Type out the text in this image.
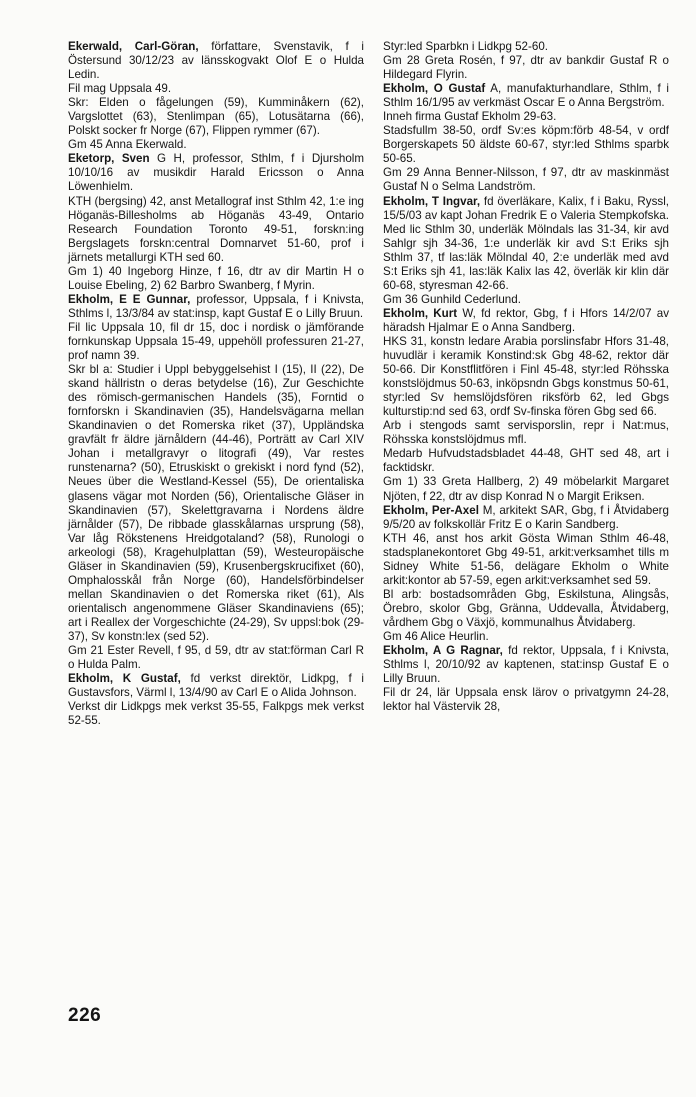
Ekerwald, Carl-Göran, författare, Svenstavik, f i Östersund 30/12/23 av länsskogvakt Olof E o Hulda Ledin.

Fil mag Uppsala 49.

Skr: Elden o fågelungen (59), Kumminåkern (62), Vargslottet (63), Stenlimpan (65), Lotusätarna (66), Polskt socker fr Norge (67), Flippen rymmer (67).

Gm 45 Anna Ekerwald.

Eketorp, Sven G H, professor, Sthlm, f i Djursholm 10/10/16 av musikdir Harald Ericsson o Anna Löwenhielm.

KTH (bergsing) 42, anst Metallograf inst Sthlm 42, 1:e ing Höganäs-Billesholms ab Höganäs 43-49, Ontario Research Foundation Toronto 49-51, forskn:ing Bergslagets forskn:central Domnarvet 51-60, prof i järnets metallurgi KTH sed 60.

Gm 1) 40 Ingeborg Hinze, f 16, dtr av dir Martin H o Louise Ebeling, 2) 62 Barbro Swanberg, f Myrin.

Ekholm, E E Gunnar, professor, Uppsala, f i Knivsta, Sthlms l, 13/3/84 av stat:insp, kapt Gustaf E o Lilly Bruun.

Fil lic Uppsala 10, fil dr 15, doc i nordisk o jämförande fornkunskap Uppsala 15-49, uppehöll professuren 21-27, prof namn 39.

Skr bl a: Studier i Uppl bebyggelsehist I (15), II (22), De skand hällristn o deras betydelse (16), Zur Geschichte des römisch-germanischen Handels (35), Forntid o fornforskn i Skandinavien (35), Handelsvägarna mellan Skandinavien o det Romerska riket (37), Uppländska gravfält fr äldre järnåldern (44-46), Porträtt av Carl XIV Johan i metallgravyr o litografi (49), Var restes runstenarna? (50), Etruskiskt o grekiskt i nord fynd (52), Neues über die Westland-Kessel (55), De orientaliska glasens vägar mot Norden (56), Orientalische Gläser in Skandinavien (57), Skelettgravarna i Nordens äldre järnålder (57), De ribbade glasskålarnas ursprung (58), Var låg Rökstenens Hreidgotaland? (58), Runologi o arkeologi (58), Kragehulplattan (59), Westeuropäische Gläser in Skandinavien (59), Krusenbergskrucifixet (60), Omphalosskål från Norge (60), Handelsförbindelser mellan Skandinavien o det Romerska riket (61), Als orientalisch angenommene Gläser Skandinaviens (65); art i Reallex der Vorgeschichte (24-29), Sv uppsl:bok (29-37), Sv konstn:lex (sed 52).

Gm 21 Ester Revell, f 95, d 59, dtr av stat:förman Carl R o Hulda Palm.

Ekholm, K Gustaf, fd verkst direktör, Lidkpg, f i Gustavsfors, Värml l, 13/4/90 av Carl E o Alida Johnson.

Verkst dir Lidkpgs mek verkst 35-55, Falkpgs mek verkst 52-55.

Styr:led Sparbkn i Lidkpg 52-60.

Gm 28 Greta Rosén, f 97, dtr av bankdir Gustaf R o Hildegard Flyrin.

Ekholm, O Gustaf A, manufakturhandlare, Sthlm, f i Sthlm 16/1/95 av verkmäst Oscar E o Anna Bergström.

Inneh firma Gustaf Ekholm 29-63.

Stadsfullm 38-50, ordf Sv:es köpm:förb 48-54, v ordf Borgerskapets 50 äldste 60-67, styr:led Sthlms sparbk 50-65.

Gm 29 Anna Benner-Nilsson, f 97, dtr av maskinmäst Gustaf N o Selma Landström.

Ekholm, T Ingvar, fd överläkare, Kalix, f i Baku, Ryssl, 15/5/03 av kapt Johan Fredrik E o Valeria Stempkofska.

Med lic Sthlm 30, underläk Mölndals las 31-34, kir avd Sahlgr sjh 34-36, 1:e underläk kir avd S:t Eriks sjh Sthlm 37, tf las:läk Mölndal 40, 2:e underläk med avd S:t Eriks sjh 41, las:läk Kalix las 42, överläk kir klin där 60-68, styresman 42-66.

Gm 36 Gunhild Cederlund.

Ekholm, Kurt W, fd rektor, Gbg, f i Hfors 14/2/07 av häradsh Hjalmar E o Anna Sandberg.

HKS 31, konstn ledare Arabia porslinsfabr Hfors 31-48, huvudlär i keramik Konstind:sk Gbg 48-62, rektor där 50-66. Dir Konstflitfören i Finl 45-48, styr:led Röhsska konstslöjdmus 50-63, inköpsndn Gbgs konstmus 50-61, styr:led Sv hemslöjdsfören riksförb 62, led Gbgs kulturstip:nd sed 63, ordf Sv-finska fören Gbg sed 66.

Arb i stengods samt servisporslin, repr i Nat:mus, Röhsska konstslöjdmus mfl.

Medarb Hufvudstadsbladet 44-48, GHT sed 48, art i facktidskr.

Gm 1) 33 Greta Hallberg, 2) 49 möbelarkit Margaret Njöten, f 22, dtr av disp Konrad N o Margit Eriksen.

Ekholm, Per-Axel M, arkitekt SAR, Gbg, f i Åtvidaberg 9/5/20 av folkskollär Fritz E o Karin Sandberg.

KTH 46, anst hos arkit Gösta Wiman Sthlm 46-48, stadsplanekontoret Gbg 49-51, arkit:verksamhet tills m Sidney White 51-56, delägare Ekholm o White arkit:kontor ab 57-59, egen arkit:verksamhet sed 59.

Bl arb: bostadsområden Gbg, Eskilstuna, Alingsås, Örebro, skolor Gbg, Gränna, Uddevalla, Åtvidaberg, vårdhem Gbg o Växjö, kommunalhus Åtvidaberg.

Gm 46 Alice Heurlin.

Ekholm, A G Ragnar, fd rektor, Uppsala, f i Knivsta, Sthlms l, 20/10/92 av kaptenen, stat:insp Gustaf E o Lilly Bruun.

Fil dr 24, lär Uppsala ensk lärov o privatgymn 24-28, lektor hal Västervik 28,

226
